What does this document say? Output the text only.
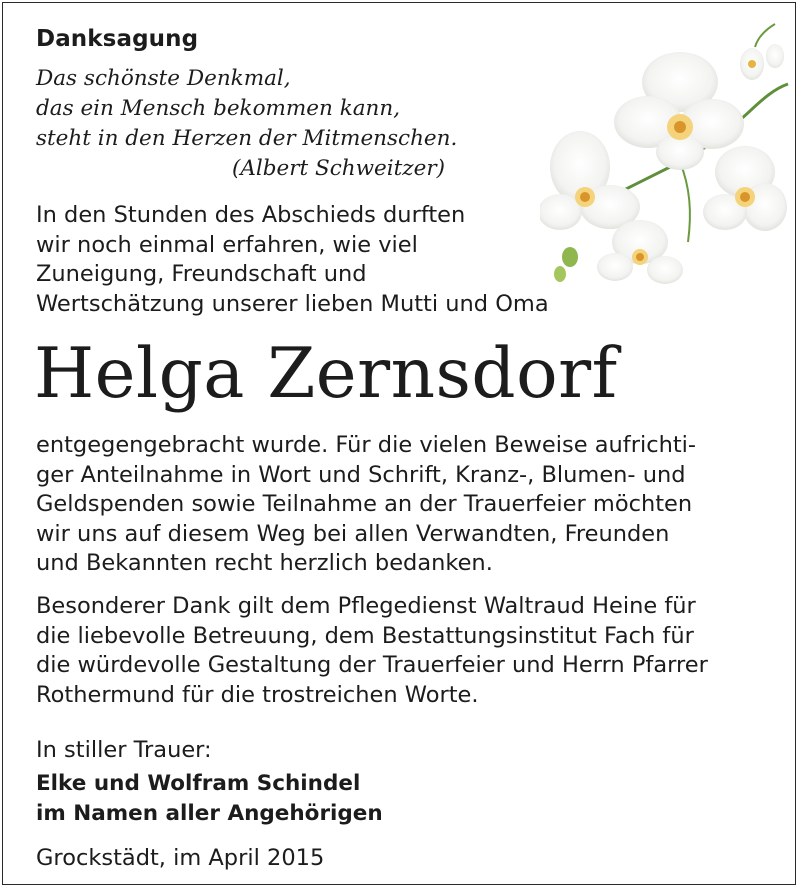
Danksagung
Das schönste Denkmal,
das ein Mensch bekommen kann,
steht in den Herzen der Mitmenschen.
(Albert Schweitzer)
In den Stunden des Abschieds durften
wir noch einmal erfahren, wie viel
Zuneigung, Freundschaft und
Wertschätzung unserer lieben Mutti und Oma
Helga Zernsdorf
entgegengebracht wurde. Für die vielen Beweise aufrichti-
ger Anteilnahme in Wort und Schrift, Kranz-, Blumen- und
Geldspenden sowie Teilnahme an der Trauerfeier möchten
wir uns auf diesem Weg bei allen Verwandten, Freunden
und Bekannten recht herzlich bedanken.
Besonderer Dank gilt dem Pflegedienst Waltraud Heine für
die liebevolle Betreuung, dem Bestattungsinstitut Fach für
die würdevolle Gestaltung der Trauerfeier und Herrn Pfarrer
Rothermund für die trostreichen Worte.
In stiller Trauer:
Elke und Wolfram Schindel
im Namen aller Angehörigen
Grockstädt, im April 2015
